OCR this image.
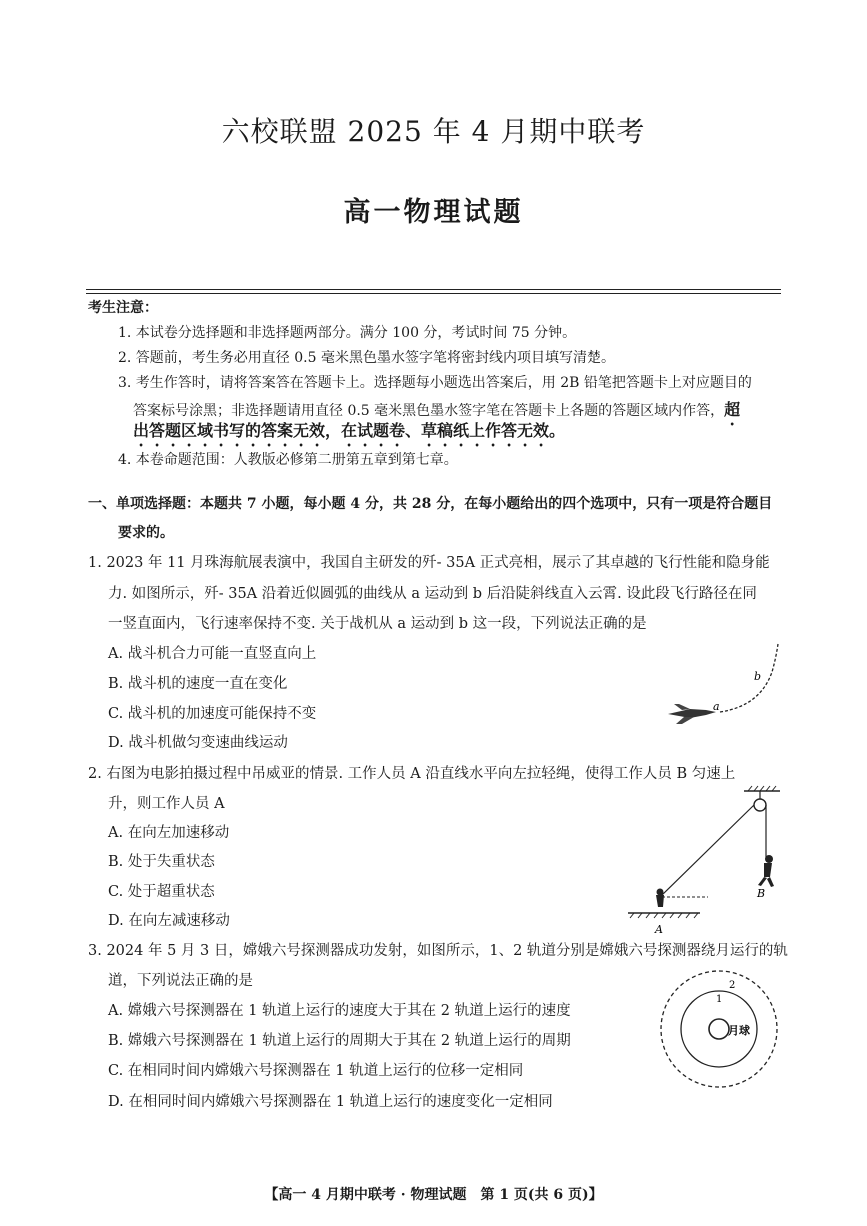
六校联盟 2025 年 4 月期中联考
高一物理试题
考生注意：
1. 本试卷分选择题和非选择题两部分。满分 100 分，考试时间 75 分钟。
2. 答题前，考生务必用直径 0.5 毫米黑色墨水签字笔将密封线内项目填写清楚。
3. 考生作答时，请将答案答在答题卡上。选择题每小题选出答案后，用 2B 铅笔把答题卡上对应题目的
答案标号涂黑；非选择题请用直径 0.5 毫米黑色墨水签字笔在答题卡上各题的答题区域内作答，超
出答题区域书写的答案无效，在试题卷、草稿纸上作答无效。
4. 本卷命题范围：人教版必修第二册第五章到第七章。
一、单项选择题：本题共 7 小题，每小题 4 分，共 28 分，在每小题给出的四个选项中，只有一项是符合题目
要求的。
1. 2023 年 11 月珠海航展表演中，我国自主研发的歼- 35A 正式亮相，展示了其卓越的飞行性能和隐身能
力. 如图所示，歼- 35A 沿着近似圆弧的曲线从 a 运动到 b 后沿陡斜线直入云霄. 设此段飞行路径在同
一竖直面内，飞行速率保持不变. 关于战机从 a 运动到 b 这一段，下列说法正确的是
A. 战斗机合力可能一直竖直向上
B. 战斗机的速度一直在变化
C. 战斗机的加速度可能保持不变
D. 战斗机做匀变速曲线运动
a
b
2. 右图为电影拍摄过程中吊威亚的情景. 工作人员 A 沿直线水平向左拉轻绳，使得工作人员 B 匀速上
升，则工作人员 A
A. 在向左加速移动
B. 处于失重状态
C. 处于超重状态
D. 在向左减速移动
B
A
3. 2024 年 5 月 3 日，嫦娥六号探测器成功发射，如图所示，1、2 轨道分别是嫦娥六号探测器绕月运行的轨
道，下列说法正确的是
A. 嫦娥六号探测器在 1 轨道上运行的速度大于其在 2 轨道上运行的速度
B. 嫦娥六号探测器在 1 轨道上运行的周期大于其在 2 轨道上运行的周期
C. 在相同时间内嫦娥六号探测器在 1 轨道上运行的位移一定相同
D. 在相同时间内嫦娥六号探测器在 1 轨道上运行的速度变化一定相同
月球
1
2
【高一 4 月期中联考 · 物理试题　第 1 页(共 6 页)】
